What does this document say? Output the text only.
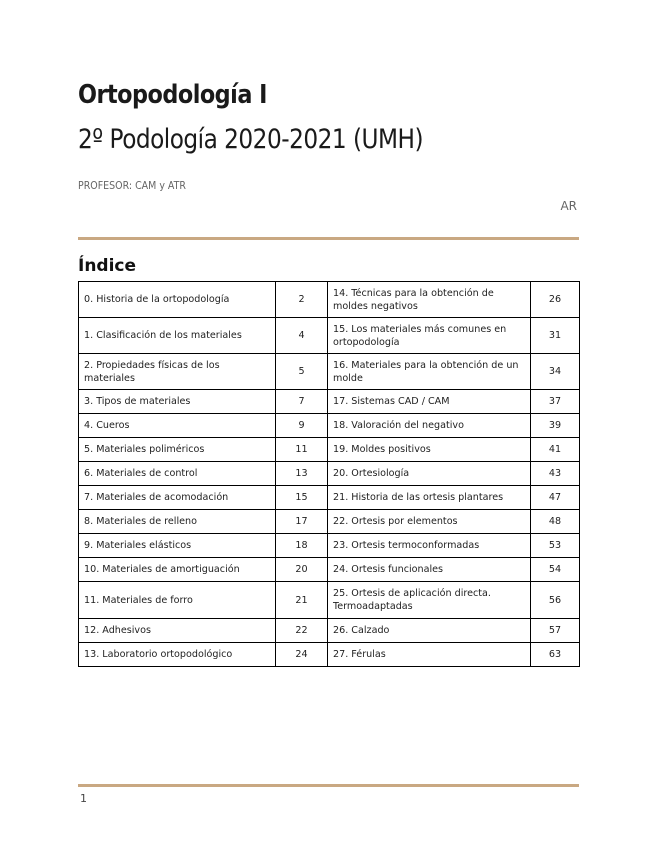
Ortopodología I
2º Podología 2020-2021 (UMH)
PROFESOR: CAM y ATR
AR
Índice
0. Historia de la ortopodología	2	14. Técnicas para la obtención de moldes negativos	26
1. Clasificación de los materiales	4	15. Los materiales más comunes en ortopodología	31
2. Propiedades físicas de los materiales	5	16. Materiales para la obtención de un molde	34
3. Tipos de materiales	7	17. Sistemas CAD / CAM	37
4. Cueros	9	18. Valoración del negativo	39
5. Materiales poliméricos	11	19. Moldes positivos	41
6. Materiales de control	13	20. Ortesiología	43
7. Materiales de acomodación	15	21. Historia de las ortesis plantares	47
8. Materiales de relleno	17	22. Ortesis por elementos	48
9. Materiales elásticos	18	23. Ortesis termoconformadas	53
10. Materiales de amortiguación	20	24. Ortesis funcionales	54
11. Materiales de forro	21	25. Ortesis de aplicación directa. Termoadaptadas	56
12. Adhesivos	22	26. Calzado	57
13. Laboratorio ortopodológico	24	27. Férulas	63
1
